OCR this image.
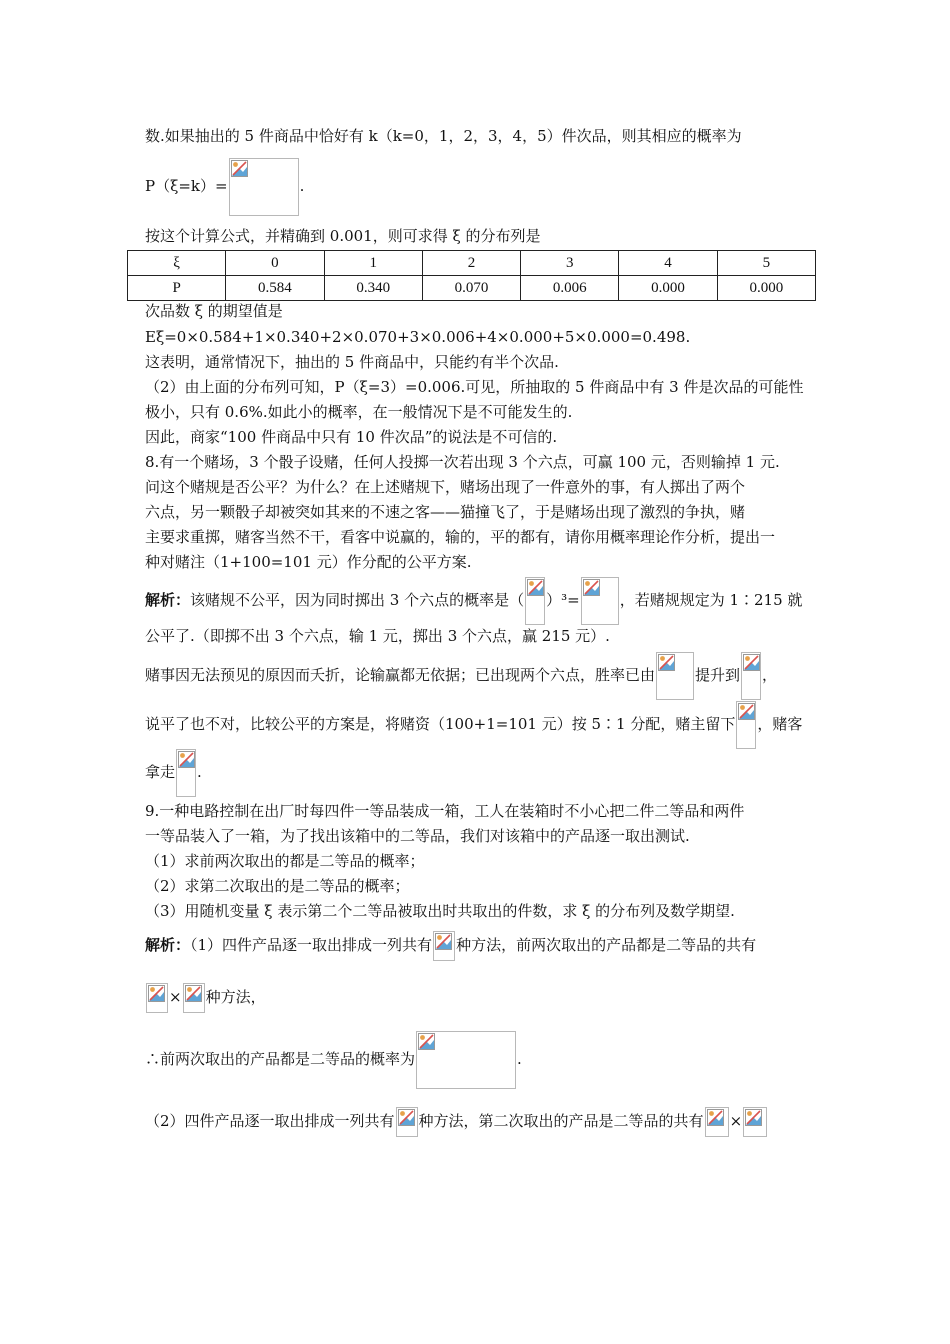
数.如果抽出的 5 件商品中恰好有 k（k=0，1，2，3，4，5）件次品，则其相应的概率为
P（ξ=k）=	.
按这个计算公式，并精确到 0.001，则可求得 ξ 的分布列是
ξ	0	1	2	3	4	5
P	0.584	0.340	0.070	0.006	0.000	0.000
次品数 ξ 的期望值是
Eξ=0×0.584+1×0.340+2×0.070+3×0.006+4×0.000+5×0.000=0.498.
这表明，通常情况下，抽出的 5 件商品中，只能约有半个次品.
（2）由上面的分布列可知，P（ξ=3）=0.006.可见，所抽取的 5 件商品中有 3 件是次品的可能性
极小，只有 0.6%.如此小的概率，在一般情况下是不可能发生的.
因此，商家“100 件商品中只有 10 件次品”的说法是不可信的.
8.有一个赌场，3 个骰子设赌，任何人投掷一次若出现 3 个六点，可赢 100 元，否则输掉 1 元.
问这个赌规是否公平？为什么？在上述赌规下，赌场出现了一件意外的事，有人掷出了两个
六点，另一颗骰子却被突如其来的不速之客——猫撞飞了，于是赌场出现了激烈的争执，赌
主要求重掷，赌客当然不干，看客中说赢的，输的，平的都有，请你用概率理论作分析，提出一
种对赌注（1+100=101 元）作分配的公平方案.
解析：该赌规不公平，因为同时掷出 3 个六点的概率是（ ）³=	，若赌规规定为 1∶215 就
公平了.（即掷不出 3 个六点，输 1 元，掷出 3 个六点，赢 215 元）.
赌事因无法预见的原因而夭折，论输赢都无依据；已出现两个六点，胜率已由	提升到 ，
说平了也不对，比较公平的方案是，将赌资（100+1=101 元）按 5∶1 分配，赌主留下 ，赌客
拿走 .
9.一种电路控制在出厂时每四件一等品装成一箱，工人在装箱时不小心把二件二等品和两件
一等品装入了一箱，为了找出该箱中的二等品，我们对该箱中的产品逐一取出测试.
（1）求前两次取出的都是二等品的概率；
（2）求第二次取出的是二等品的概率；
（3）用随机变量 ξ 表示第二个二等品被取出时共取出的件数，求 ξ 的分布列及数学期望.
解析：（1）四件产品逐一取出排成一列共有 种方法，前两次取出的产品都是二等品的共有
× 种方法，
∴前两次取出的产品都是二等品的概率为	.
（2）四件产品逐一取出排成一列共有 种方法，第二次取出的产品是二等品的共有 ×
